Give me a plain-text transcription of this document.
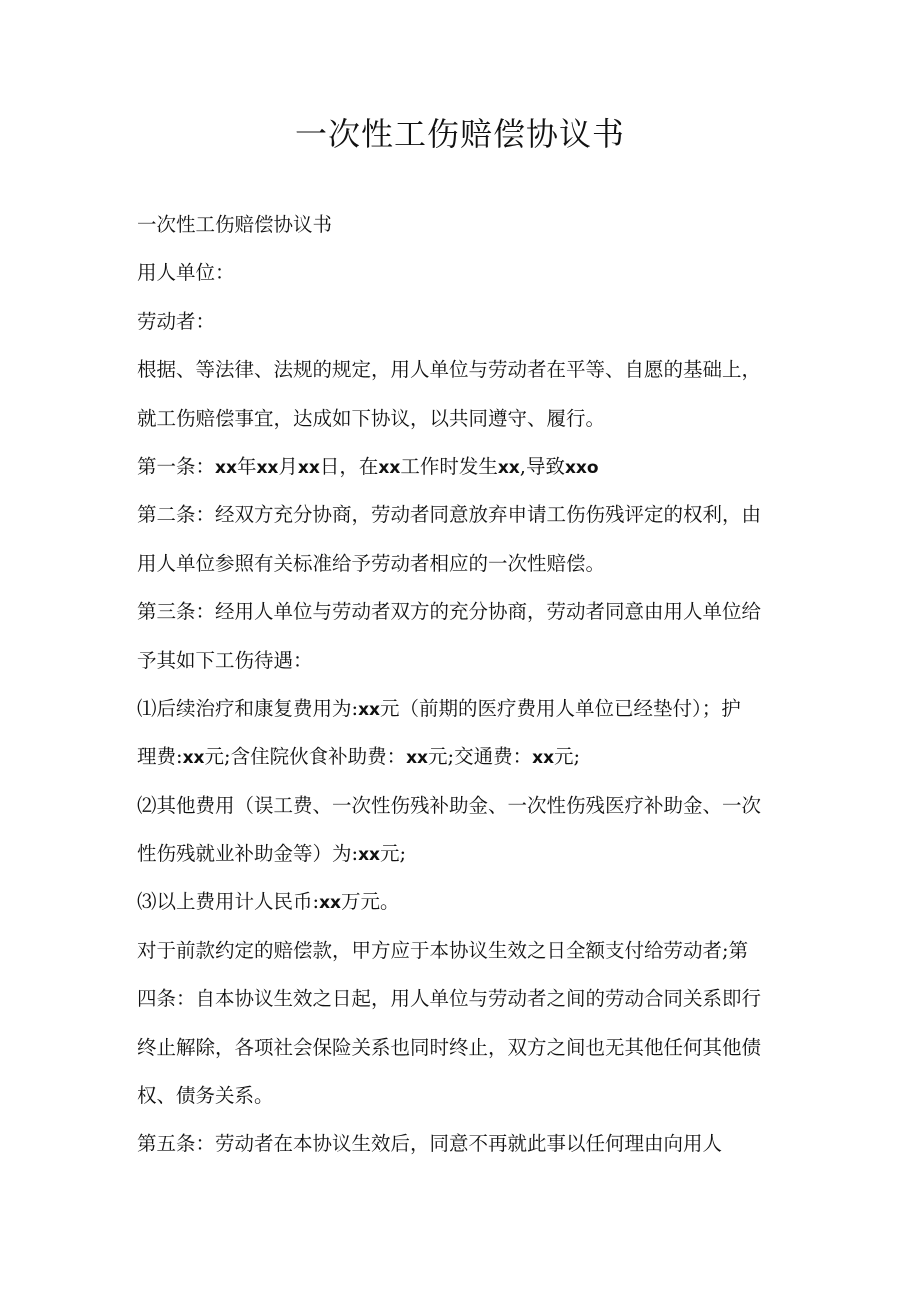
一次性工伤赔偿协议书
一次性工伤赔偿协议书
用人单位：
劳动者：
根据、等法律、法规的规定，用人单位与劳动者在平等、自愿的基础上，
就工伤赔偿事宜，达成如下协议，以共同遵守、履行。
第一条：xx年xx月xx日，在xx工作时发生xx,导致xxo
第二条：经双方充分协商，劳动者同意放弃申请工伤伤残评定的权利，由
用人单位参照有关标准给予劳动者相应的一次性赔偿。
第三条：经用人单位与劳动者双方的充分协商，劳动者同意由用人单位给
予其如下工伤待遇：
⑴后续治疗和康复费用为:xx元（前期的医疗费用人单位已经垫付）；护
理费:xx元;含住院伙食补助费：xx元;交通费：xx元;
⑵其他费用（误工费、一次性伤残补助金、一次性伤残医疗补助金、一次
性伤残就业补助金等）为:xx元;
⑶以上费用计人民币:xx万元。
对于前款约定的赔偿款，甲方应于本协议生效之日全额支付给劳动者;第
四条：自本协议生效之日起，用人单位与劳动者之间的劳动合同关系即行
终止解除，各项社会保险关系也同时终止，双方之间也无其他任何其他债
权、债务关系。
第五条：劳动者在本协议生效后，同意不再就此事以任何理由向用人
